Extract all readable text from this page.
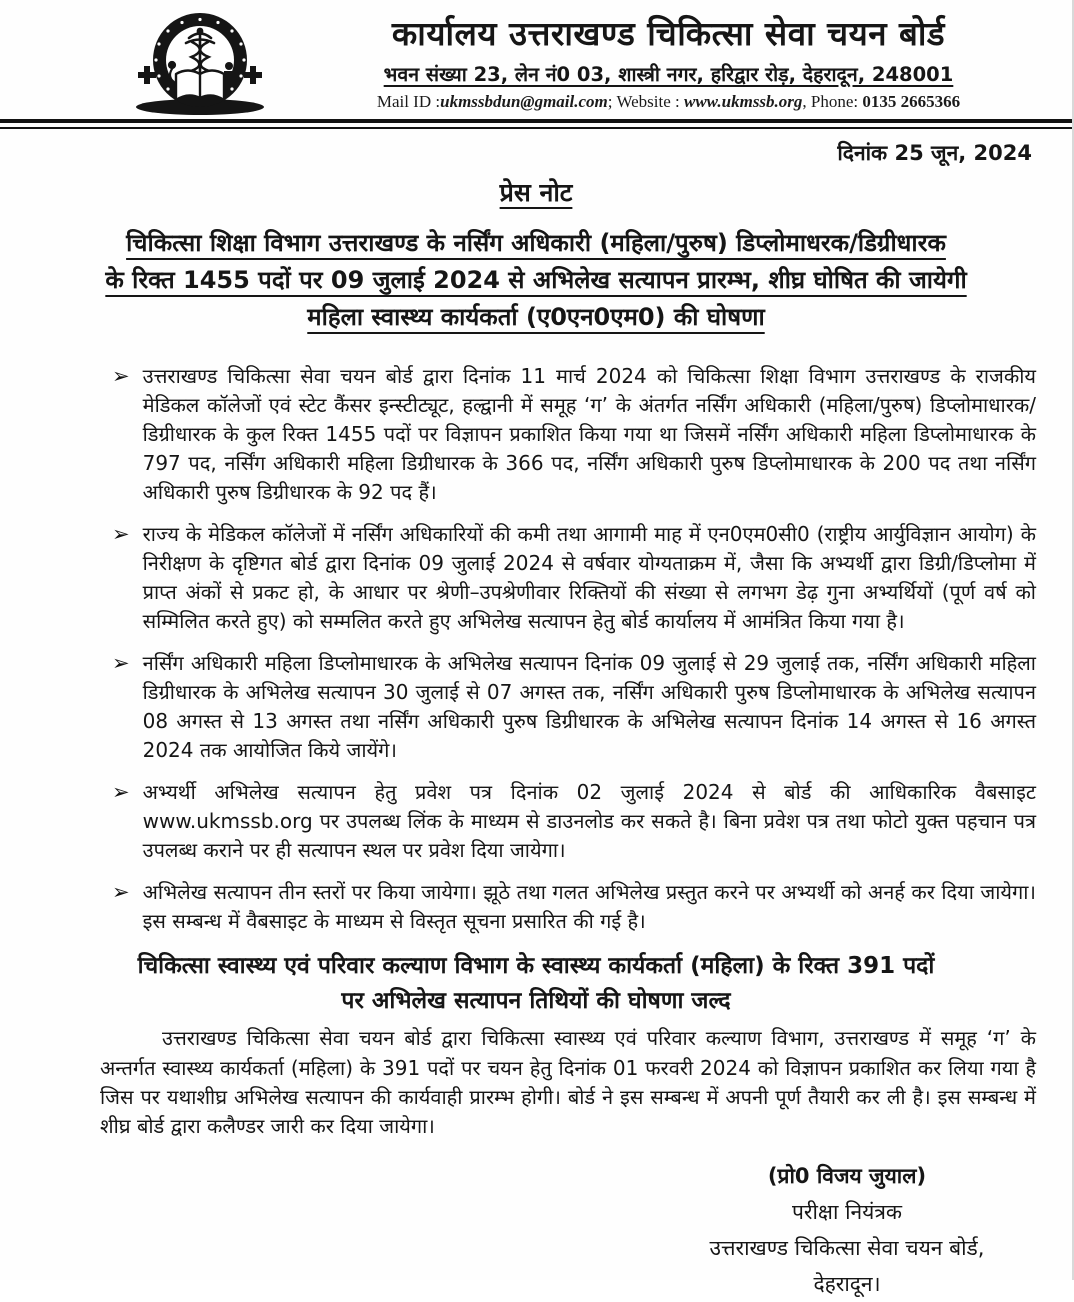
कार्यालय उत्तराखण्ड चिकित्सा सेवा चयन बोर्ड
भवन संख्या 23, लेन नं0 03, शास्त्री नगर, हरिद्वार रोड़, देहरादून, 248001
Mail ID :ukmssbdun@gmail.com; Website : www.ukmssb.org, Phone: 0135 2665366
दिनांक 25 जून, 2024
प्रेस नोट
चिकित्सा शिक्षा विभाग उत्तराखण्ड के नर्सिंग अधिकारी (महिला/पुरुष) डिप्लोमाधरक/डिग्रीधारक
के रिक्त 1455 पदों पर 09 जुलाई 2024 से अभिलेख सत्यापन प्रारम्भ, शीघ्र घोषित की जायेगी
महिला स्वास्थ्य कार्यकर्ता (ए0एन0एम0) की घोषणा
➢ उत्तराखण्ड चिकित्सा सेवा चयन बोर्ड द्वारा दिनांक 11 मार्च 2024 को चिकित्सा शिक्षा विभाग उत्तराखण्ड के राजकीय मेडिकल कॉलेजों एवं स्टेट कैंसर इन्स्टीट्यूट, हल्द्वानी में समूह ‘ग’ के अंतर्गत नर्सिंग अधिकारी (महिला/पुरुष) डिप्लोमाधारक/डिग्रीधारक के कुल रिक्त 1455 पदों पर विज्ञापन प्रकाशित किया गया था जिसमें नर्सिंग अधिकारी महिला डिप्लोमाधारक के 797 पद, नर्सिंग अधिकारी महिला डिग्रीधारक के 366 पद, नर्सिंग अधिकारी पुरुष डिप्लोमाधारक के 200 पद तथा नर्सिंग अधिकारी पुरुष डिग्रीधारक के 92 पद हैं।
➢ राज्य के मेडिकल कॉलेजों में नर्सिंग अधिकारियों की कमी तथा आगामी माह में एन0एम0सी0 (राष्ट्रीय आर्युविज्ञान आयोग) के निरीक्षण के दृष्टिगत बोर्ड द्वारा दिनांक 09 जुलाई 2024 से वर्षवार योग्यताक्रम में, जैसा कि अभ्यर्थी द्वारा डिग्री/डिप्लोमा में प्राप्त अंकों से प्रकट हो, के आधार पर श्रेणी–उपश्रेणीवार रिक्तियों की संख्या से लगभग डेढ़ गुना अभ्यर्थियों (पूर्ण वर्ष को सम्मिलित करते हुए) को सम्मलित करते हुए अभिलेख सत्यापन हेतु बोर्ड कार्यालय में आमंत्रित किया गया है।
➢ नर्सिंग अधिकारी महिला डिप्लोमाधारक के अभिलेख सत्यापन दिनांक 09 जुलाई से 29 जुलाई तक, नर्सिंग अधिकारी महिला डिग्रीधारक के अभिलेख सत्यापन 30 जुलाई से 07 अगस्त तक, नर्सिंग अधिकारी पुरुष डिप्लोमाधारक के अभिलेख सत्यापन 08 अगस्त से 13 अगस्त तथा नर्सिंग अधिकारी पुरुष डिग्रीधारक के अभिलेख सत्यापन दिनांक 14 अगस्त से 16 अगस्त 2024 तक आयोजित किये जायेंगे।
➢ अभ्यर्थी अभिलेख सत्यापन हेतु प्रवेश पत्र दिनांक 02 जुलाई 2024 से बोर्ड की आधिकारिक वैबसाइट www.ukmssb.org पर उपलब्ध लिंक के माध्यम से डाउनलोड कर सकते है। बिना प्रवेश पत्र तथा फोटो युक्त पहचान पत्र उपलब्ध कराने पर ही सत्यापन स्थल पर प्रवेश दिया जायेगा।
➢ अभिलेख सत्यापन तीन स्तरों पर किया जायेगा। झूठे तथा गलत अभिलेख प्रस्तुत करने पर अभ्यर्थी को अनर्ह कर दिया जायेगा। इस सम्बन्ध में वैबसाइट के माध्यम से विस्तृत सूचना प्रसारित की गई है।
चिकित्सा स्वास्थ्य एवं परिवार कल्याण विभाग के स्वास्थ्य कार्यकर्ता (महिला) के रिक्त 391 पदों
पर अभिलेख सत्यापन तिथियों की घोषणा जल्द
उत्तराखण्ड चिकित्सा सेवा चयन बोर्ड द्वारा चिकित्सा स्वास्थ्य एवं परिवार कल्याण विभाग, उत्तराखण्ड में समूह ‘ग’ के अन्तर्गत स्वास्थ्य कार्यकर्ता (महिला) के 391 पदों पर चयन हेतु दिनांक 01 फरवरी 2024 को विज्ञापन प्रकाशित कर लिया गया है जिस पर यथाशीघ्र अभिलेख सत्यापन की कार्यवाही प्रारम्भ होगी। बोर्ड ने इस सम्बन्ध में अपनी पूर्ण तैयारी कर ली है। इस सम्बन्ध में शीघ्र बोर्ड द्वारा कलैण्डर जारी कर दिया जायेगा।
(प्रो0 विजय जुयाल)
परीक्षा नियंत्रक
उत्तराखण्ड चिकित्सा सेवा चयन बोर्ड,
देहरादून।
